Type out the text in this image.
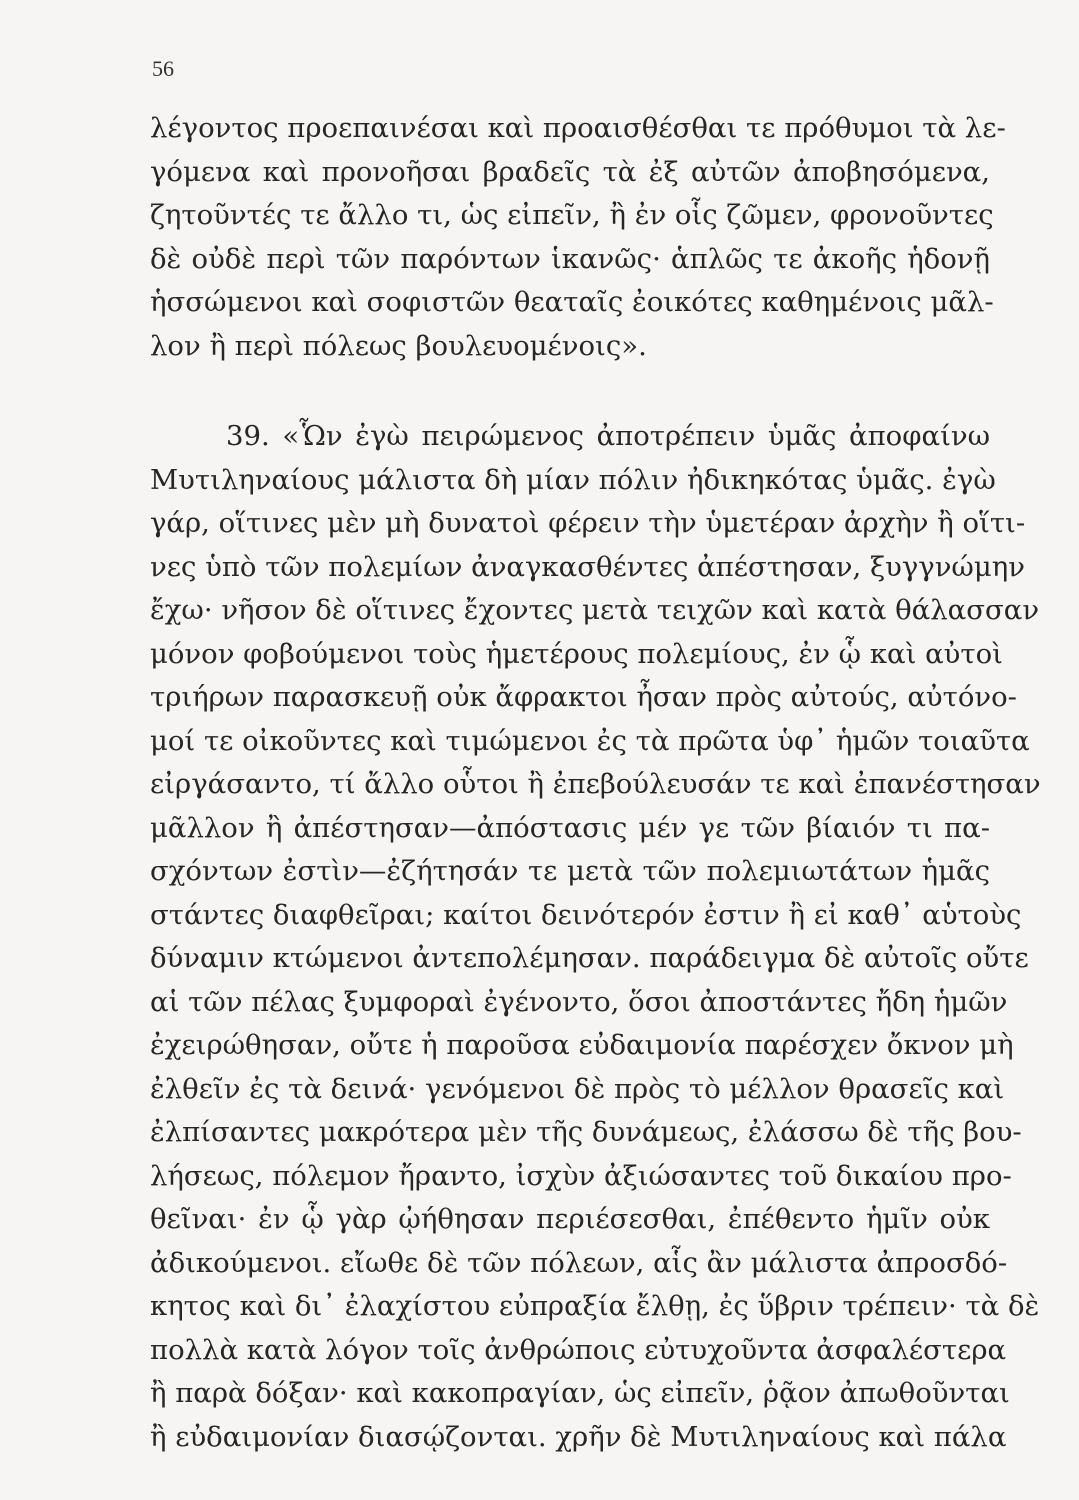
56
λέγοντος προεπαινέσαι καὶ προαισθέσθαι τε πρόθυμοι τὰ λε-
γόμενα καὶ προνοῆσαι βραδεῖς τὰ ἐξ αὐτῶν ἀποβησόμενα,
ζητοῦντές τε ἄλλο τι, ὡς εἰπεῖν, ἢ ἐν οἷς ζῶμεν, φρονοῦντες
δὲ οὐδὲ περὶ τῶν παρόντων ἱκανῶς· ἁπλῶς τε ἀκοῆς ἡδονῇ
ἡσσώμενοι καὶ σοφιστῶν θεαταῖς ἐοικότες καθημένοις μᾶλ-
λον ἢ περὶ πόλεως βουλευομένοις».
39. «Ὧν ἐγὼ πειρώμενος ἀποτρέπειν ὑμᾶς ἀποφαίνω
Μυτιληναίους μάλιστα δὴ μίαν πόλιν ἠδικηκότας ὑμᾶς. ἐγὼ
γάρ, οἵτινες μὲν μὴ δυνατοὶ φέρειν τὴν ὑμετέραν ἀρχὴν ἢ οἵτι-
νες ὑπὸ τῶν πολεμίων ἀναγκασθέντες ἀπέστησαν, ξυγγνώμην
ἔχω· νῆσον δὲ οἵτινες ἔχοντες μετὰ τειχῶν καὶ κατὰ θάλασσαν
μόνον φοβούμενοι τοὺς ἡμετέρους πολεμίους, ἐν ᾧ καὶ αὐτοὶ
τριήρων παρασκευῇ οὐκ ἄφρακτοι ἦσαν πρὸς αὐτούς, αὐτόνο-
μοί τε οἰκοῦντες καὶ τιμώμενοι ἐς τὰ πρῶτα ὑφ᾽ ἡμῶν τοιαῦτα
εἰργάσαντο, τί ἄλλο οὗτοι ἢ ἐπεβούλευσάν τε καὶ ἐπανέστησαν
μᾶλλον ἢ ἀπέστησαν—ἀπόστασις μέν γε τῶν βίαιόν τι πα-
σχόντων ἐστὶν—ἐζήτησάν τε μετὰ τῶν πολεμιωτάτων ἡμᾶς
στάντες διαφθεῖραι; καίτοι δεινότερόν ἐστιν ἢ εἰ καθ᾽ αὑτοὺς
δύναμιν κτώμενοι ἀντεπολέμησαν. παράδειγμα δὲ αὐτοῖς οὔτε
αἱ τῶν πέλας ξυμφοραὶ ἐγένοντο, ὅσοι ἀποστάντες ἤδη ἡμῶν
ἐχειρώθησαν, οὔτε ἡ παροῦσα εὐδαιμονία παρέσχεν ὄκνον μὴ
ἐλθεῖν ἐς τὰ δεινά· γενόμενοι δὲ πρὸς τὸ μέλλον θρασεῖς καὶ
ἐλπίσαντες μακρότερα μὲν τῆς δυνάμεως, ἐλάσσω δὲ τῆς βου-
λήσεως, πόλεμον ἤραντο, ἰσχὺν ἀξιώσαντες τοῦ δικαίου προ-
θεῖναι· ἐν ᾧ γὰρ ᾠήθησαν περιέσεσθαι, ἐπέθεντο ἡμῖν οὐκ
ἀδικούμενοι. εἴωθε δὲ τῶν πόλεων, αἷς ἂν μάλιστα ἀπροσδό-
κητος καὶ δι᾽ ἐλαχίστου εὐπραξία ἔλθῃ, ἐς ὕβριν τρέπειν· τὰ δὲ
πολλὰ κατὰ λόγον τοῖς ἀνθρώποις εὐτυχοῦντα ἀσφαλέστερα
ἢ παρὰ δόξαν· καὶ κακοπραγίαν, ὡς εἰπεῖν, ῥᾷον ἀπωθοῦνται
ἢ εὐδαιμονίαν διασῴζονται. χρῆν δὲ Μυτιληναίους καὶ πάλα
